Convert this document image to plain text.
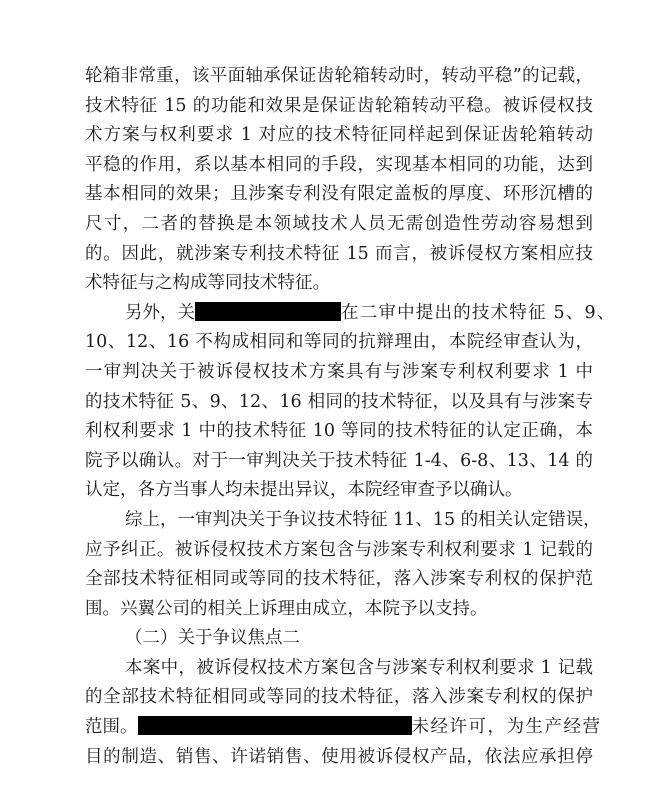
轮箱非常重，该平面轴承保证齿轮箱转动时，转动平稳”的记载，
技术特征 15 的功能和效果是保证齿轮箱转动平稳。被诉侵权技
术方案与权利要求 1 对应的技术特征同样起到保证齿轮箱转动
平稳的作用，系以基本相同的手段，实现基本相同的功能，达到
基本相同的效果；且涉案专利没有限定盖板的厚度、环形沉槽的
尺寸，二者的替换是本领域技术人员无需创造性劳动容易想到
的。因此，就涉案专利技术特征 15 而言，被诉侵权方案相应技
术特征与之构成等同技术特征。
另外，关	在二审中提出的技术特征 5、9、
10、12、16 不构成相同和等同的抗辩理由，本院经审查认为，
一审判决关于被诉侵权技术方案具有与涉案专利权利要求 1 中
的技术特征 5、9、12、16 相同的技术特征，以及具有与涉案专
利权利要求 1 中的技术特征 10 等同的技术特征的认定正确，本
院予以确认。对于一审判决关于技术特征 1-4、6-8、13、14 的
认定，各方当事人均未提出异议，本院经审查予以确认。
综上，一审判决关于争议技术特征 11、15 的相关认定错误，
应予纠正。被诉侵权技术方案包含与涉案专利权利要求 1 记载的
全部技术特征相同或等同的技术特征，落入涉案专利权的保护范
围。兴翼公司的相关上诉理由成立，本院予以支持。
（二）关于争议焦点二
本案中，被诉侵权技术方案包含与涉案专利权利要求 1 记载
的全部技术特征相同或等同的技术特征，落入涉案专利权的保护
范围。	未经许可，为生产经营
目的制造、销售、许诺销售、使用被诉侵权产品，依法应承担停
